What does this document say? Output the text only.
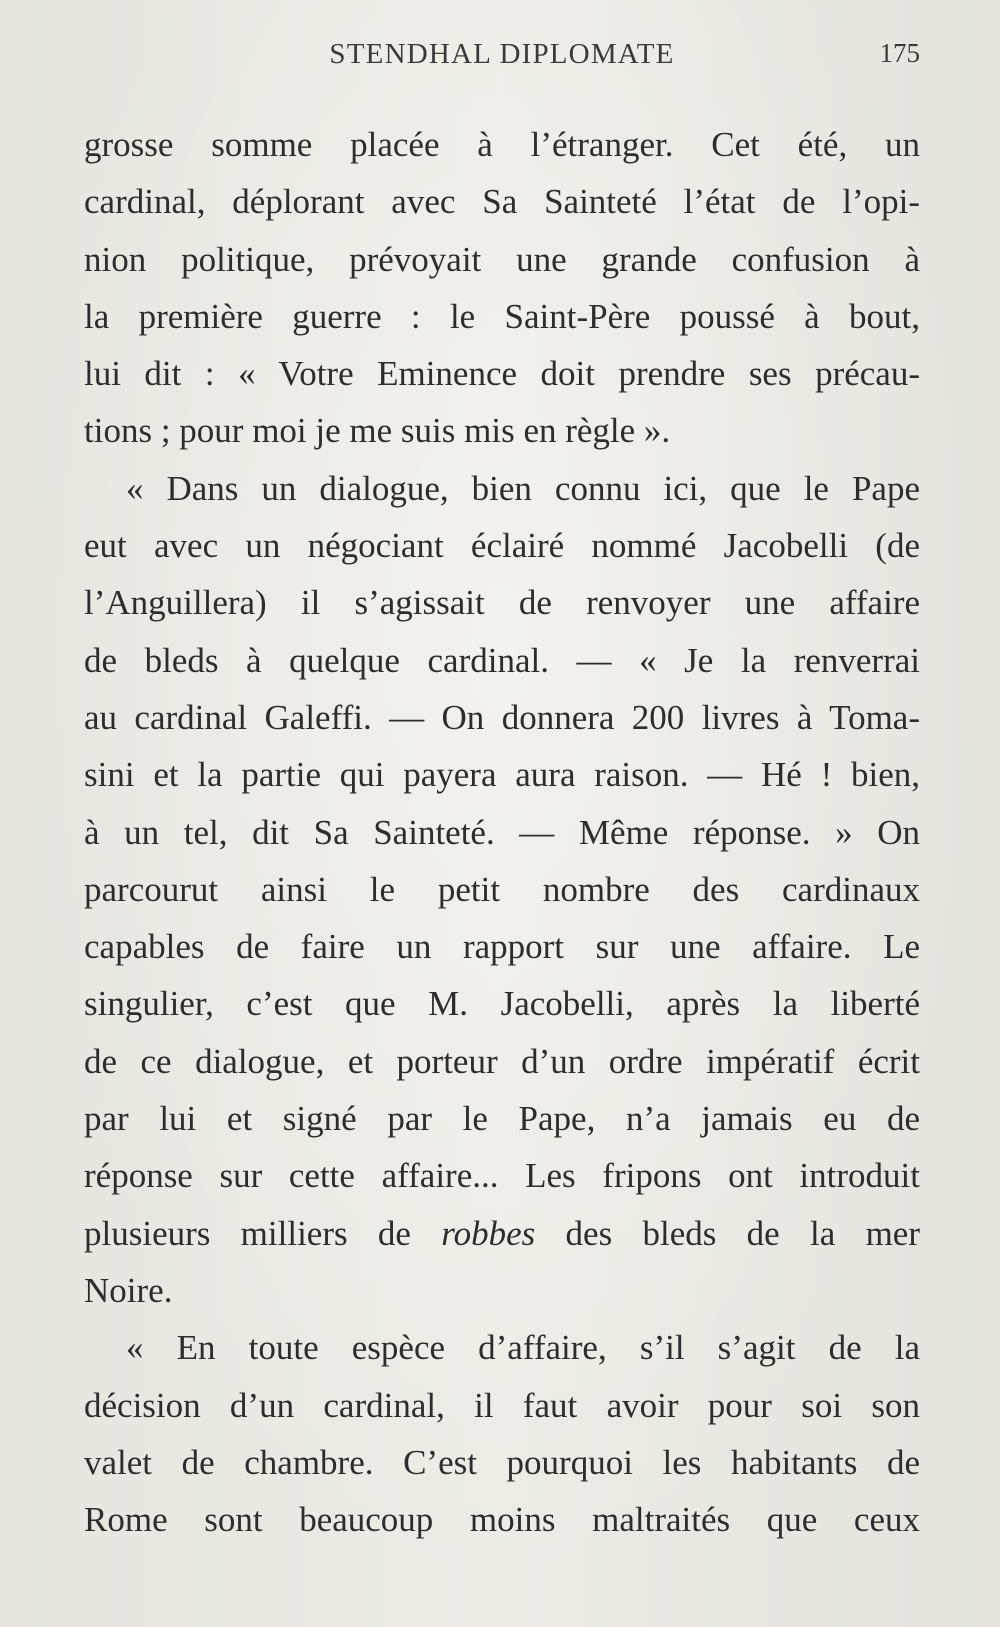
STENDHAL DIPLOMATE	175
grosse somme placée à l’étranger. Cet été, un
cardinal, déplorant avec Sa Sainteté l’état de l’opi-
nion politique, prévoyait une grande confusion à
la première guerre : le Saint-Père poussé à bout,
lui dit : « Votre Eminence doit prendre ses précau-
tions ; pour moi je me suis mis en règle ».
« Dans un dialogue, bien connu ici, que le Pape
eut avec un négociant éclairé nommé Jacobelli (de
l’Anguillera) il s’agissait de renvoyer une affaire
de bleds à quelque cardinal. — « Je la renverrai
au cardinal Galeffi. — On donnera 200 livres à Toma-
sini et la partie qui payera aura raison. — Hé ! bien,
à un tel, dit Sa Sainteté. — Même réponse. » On
parcourut ainsi le petit nombre des cardinaux
capables de faire un rapport sur une affaire. Le
singulier, c’est que M. Jacobelli, après la liberté
de ce dialogue, et porteur d’un ordre impératif écrit
par lui et signé par le Pape, n’a jamais eu de
réponse sur cette affaire... Les fripons ont introduit
plusieurs milliers de robbes des bleds de la mer
Noire.
« En toute espèce d’affaire, s’il s’agit de la
décision d’un cardinal, il faut avoir pour soi son
valet de chambre. C’est pourquoi les habitants de
Rome sont beaucoup moins maltraités que ceux
